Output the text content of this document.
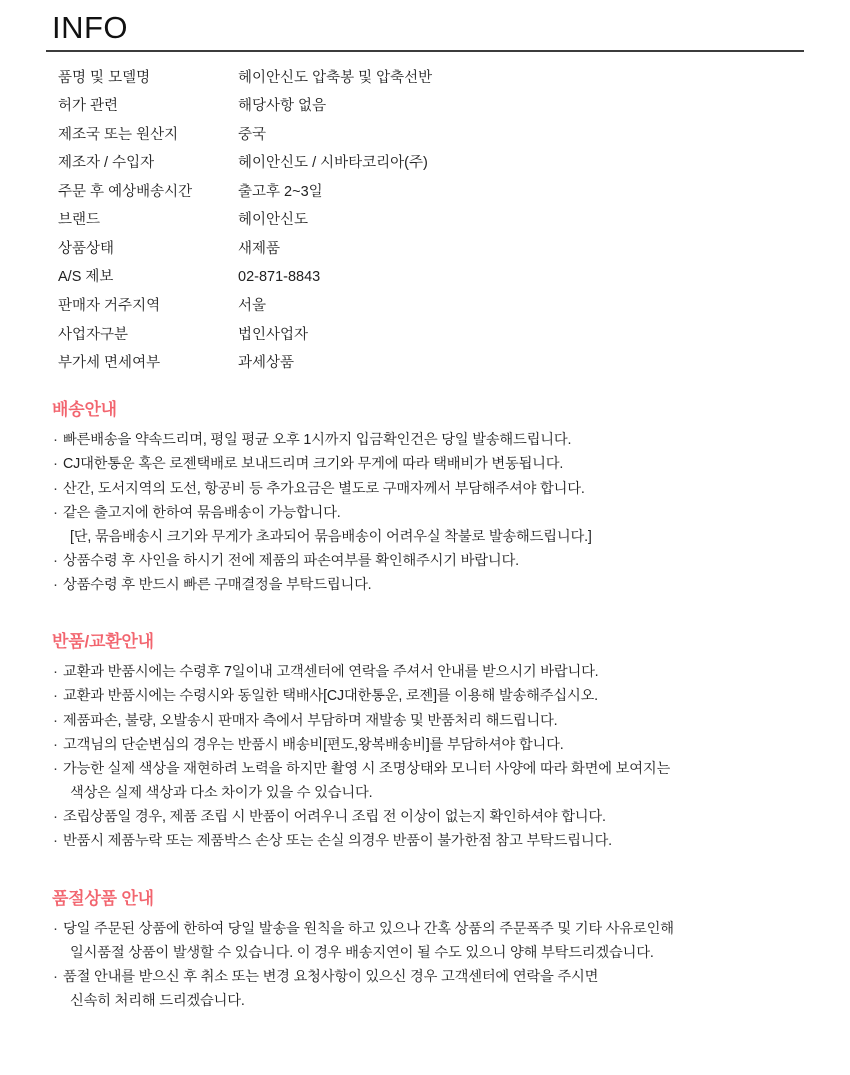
INFO
품명 및 모델명	헤이안신도 압축봉 및 압축선반
허가 관련	해당사항 없음
제조국 또는 원산지	중국
제조자 / 수입자	헤이안신도 / 시바타코리아(주)
주문 후 예상배송시간	출고후 2~3일
브랜드	헤이안신도
상품상태	새제품
A/S 제보	02-871-8843
판매자 거주지역	서울
사업자구분	법인사업자
부가세 면세여부	과세상품
배송안내
· 빠른배송을 약속드리며, 평일 평균 오후 1시까지 입금확인건은 당일 발송해드립니다.
· CJ대한통운 혹은 로젠택배로 보내드리며 크기와 무게에 따라 택배비가 변동됩니다.
· 산간, 도서지역의 도선, 항공비 등 추가요금은 별도로 구매자께서 부담해주셔야 합니다.
· 같은 출고지에 한하여 묶음배송이 가능합니다.
[단, 묶음배송시 크기와 무게가 초과되어 묶음배송이 어려우실 착불로 발송해드립니다.]
· 상품수령 후 사인을 하시기 전에 제품의 파손여부를 확인해주시기 바랍니다.
· 상품수령 후 반드시 빠른 구매결정을 부탁드립니다.
반품/교환안내
· 교환과 반품시에는 수령후 7일이내 고객센터에 연락을 주셔서 안내를 받으시기 바랍니다.
· 교환과 반품시에는 수령시와 동일한 택배사[CJ대한통운, 로젠]를 이용해 발송해주십시오.
· 제품파손, 불량, 오발송시 판매자 측에서 부담하며 재발송 및 반품처리 해드립니다.
· 고객님의 단순변심의 경우는 반품시 배송비[편도,왕복배송비]를 부담하셔야 합니다.
· 가능한 실제 색상을 재현하려 노력을 하지만 촬영 시 조명상태와 모니터 사양에 따라 화면에 보여지는
색상은 실제 색상과 다소 차이가 있을 수 있습니다.
· 조립상품일 경우, 제품 조립 시 반품이 어려우니 조립 전 이상이 없는지 확인하셔야 합니다.
· 반품시 제품누락 또는 제품박스 손상 또는 손실 의경우 반품이 불가한점 참고 부탁드립니다.
품절상품 안내
· 당일 주문된 상품에 한하여 당일 발송을 원칙을 하고 있으나 간혹 상품의 주문폭주 및 기타 사유로인해
일시품절 상품이 발생할 수 있습니다. 이 경우 배송지연이 될 수도 있으니 양해 부탁드리겠습니다.
· 품절 안내를 받으신 후 취소 또는 변경 요청사항이 있으신 경우 고객센터에 연락을 주시면
신속히 처리해 드리겠습니다.
